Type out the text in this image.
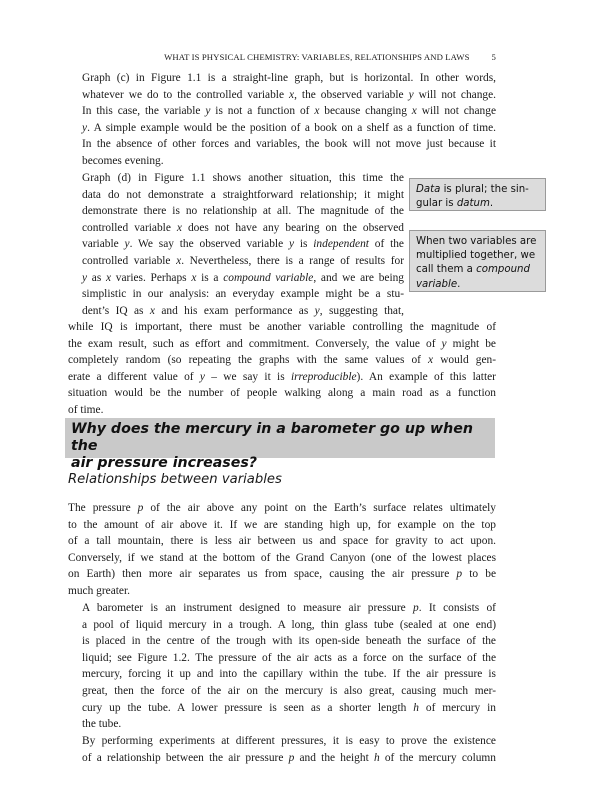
WHAT IS PHYSICAL CHEMISTRY: VARIABLES, RELATIONSHIPS AND LAWS	5

Graph (c) in Figure 1.1 is a straight-line graph, but is horizontal. In other words,
whatever we do to the controlled variable x, the observed variable y will not change.
In this case, the variable y is not a function of x because changing x will not change
y. A simple example would be the position of a book on a shelf as a function of time.
In the absence of other forces and variables, the book will not move just because it
becomes evening.

Graph (d) in Figure 1.1 shows another situation, this time the
data do not demonstrate a straightforward relationship; it might
demonstrate there is no relationship at all. The magnitude of the
controlled variable x does not have any bearing on the observed
variable y. We say the observed variable y is independent of the
controlled variable x. Nevertheless, there is a range of results for
y as x varies. Perhaps x is a compound variable, and we are being
simplistic in our analysis: an everyday example might be a stu-
dent’s IQ as x and his exam performance as y, suggesting that,

while IQ is important, there must be another variable controlling the magnitude of
the exam result, such as effort and commitment. Conversely, the value of y might be
completely random (so repeating the graphs with the same values of x would gen-
erate a different value of y – we say it is irreproducible). An example of this latter
situation would be the number of people walking along a main road as a function
of time.

Data is plural; the sin-
gular is datum.
When two variables are
multiplied together, we
call them a compound
variable.
Why does the mercury in a barometer go up when the
air pressure increases?
Relationships between variables

The pressure p of the air above any point on the Earth’s surface relates ultimately
to the amount of air above it. If we are standing high up, for example on the top
of a tall mountain, there is less air between us and space for gravity to act upon.
Conversely, if we stand at the bottom of the Grand Canyon (one of the lowest places
on Earth) then more air separates us from space, causing the air pressure p to be
much greater.

A barometer is an instrument designed to measure air pressure p. It consists of
a pool of liquid mercury in a trough. A long, thin glass tube (sealed at one end)
is placed in the centre of the trough with its open-side beneath the surface of the
liquid; see Figure 1.2. The pressure of the air acts as a force on the surface of the
mercury, forcing it up and into the capillary within the tube. If the air pressure is
great, then the force of the air on the mercury is also great, causing much mer-
cury up the tube. A lower pressure is seen as a shorter length h of mercury in
the tube.

By performing experiments at different pressures, it is easy to prove the existence
of a relationship between the air pressure p and the height h of the mercury column
